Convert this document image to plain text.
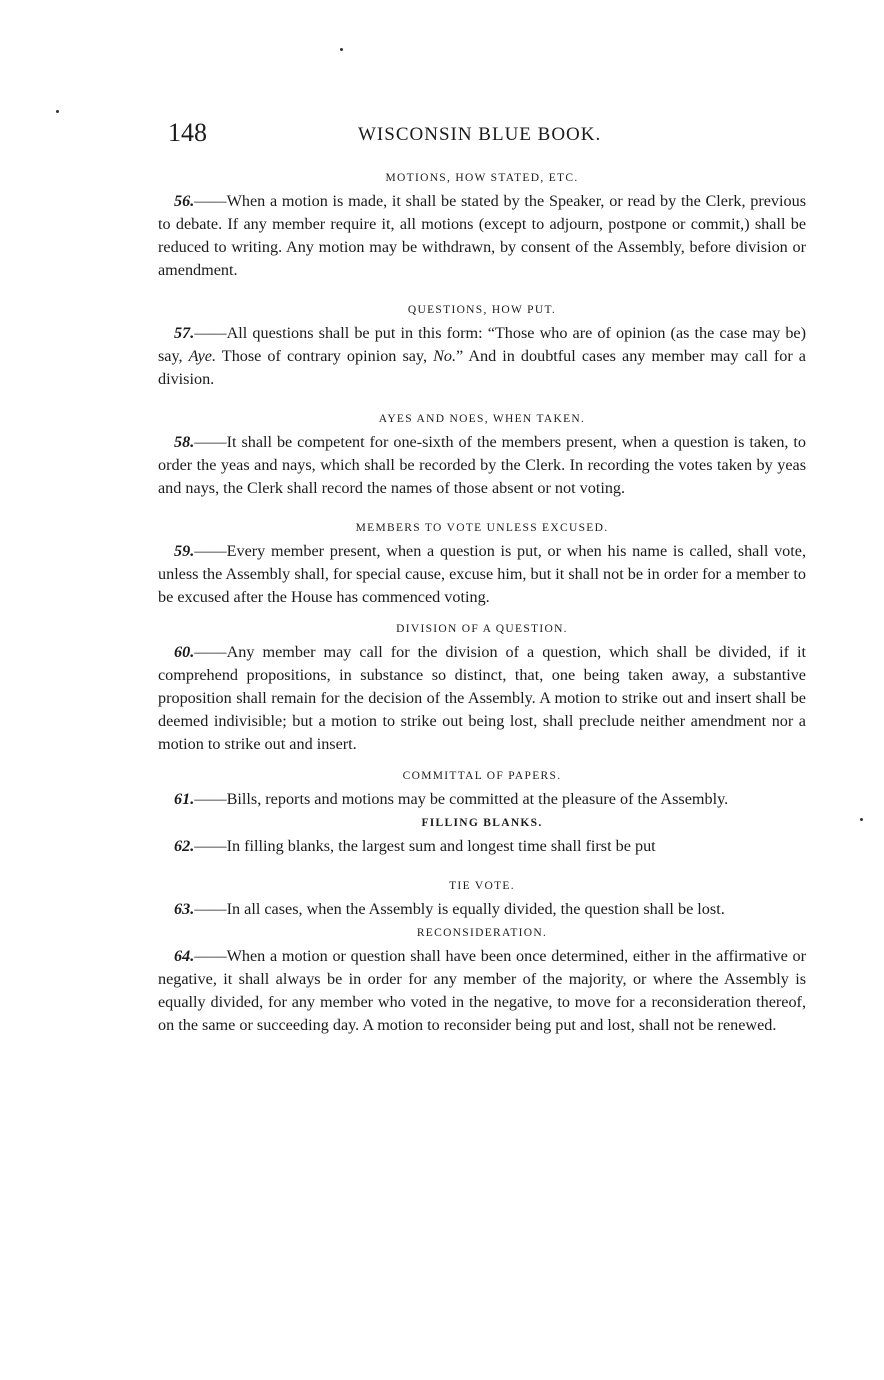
148	WISCONSIN BLUE BOOK.
MOTIONS, HOW STATED, ETC.

56.——When a motion is made, it shall be stated by the Speaker, or read by the Clerk, previous to debate. If any member require it, all motions (except to adjourn, postpone or commit,) shall be reduced to writing. Any motion may be withdrawn, by consent of the Assembly, before division or amendment.

QUESTIONS, HOW PUT.

57.——All questions shall be put in this form: “Those who are of opinion (as the case may be) say, Aye. Those of contrary opinion say, No.” And in doubtful cases any member may call for a division.

AYES AND NOES, WHEN TAKEN.

58.——It shall be competent for one-sixth of the members present, when a question is taken, to order the yeas and nays, which shall be recorded by the Clerk. In recording the votes taken by yeas and nays, the Clerk shall record the names of those absent or not voting.

MEMBERS TO VOTE UNLESS EXCUSED.

59.——Every member present, when a question is put, or when his name is called, shall vote, unless the Assembly shall, for special cause, excuse him, but it shall not be in order for a member to be excused after the House has commenced voting.

DIVISION OF A QUESTION.

60.——Any member may call for the division of a question, which shall be divided, if it comprehend propositions, in substance so distinct, that, one being taken away, a substantive proposition shall remain for the decision of the Assembly. A motion to strike out and insert shall be deemed indivisible; but a motion to strike out being lost, shall preclude neither amendment nor a motion to strike out and insert.

COMMITTAL OF PAPERS.

61.——Bills, reports and motions may be committed at the pleasure of the Assembly.

FILLING BLANKS.

62.——In filling blanks, the largest sum and longest time shall first be put

TIE VOTE.

63.——In all cases, when the Assembly is equally divided, the question shall be lost.

RECONSIDERATION.

64.——When a motion or question shall have been once determined, either in the affirmative or negative, it shall always be in order for any member of the majority, or where the Assembly is equally divided, for any member who voted in the negative, to move for a reconsideration thereof, on the same or succeeding day. A motion to reconsider being put and lost, shall not be renewed.
